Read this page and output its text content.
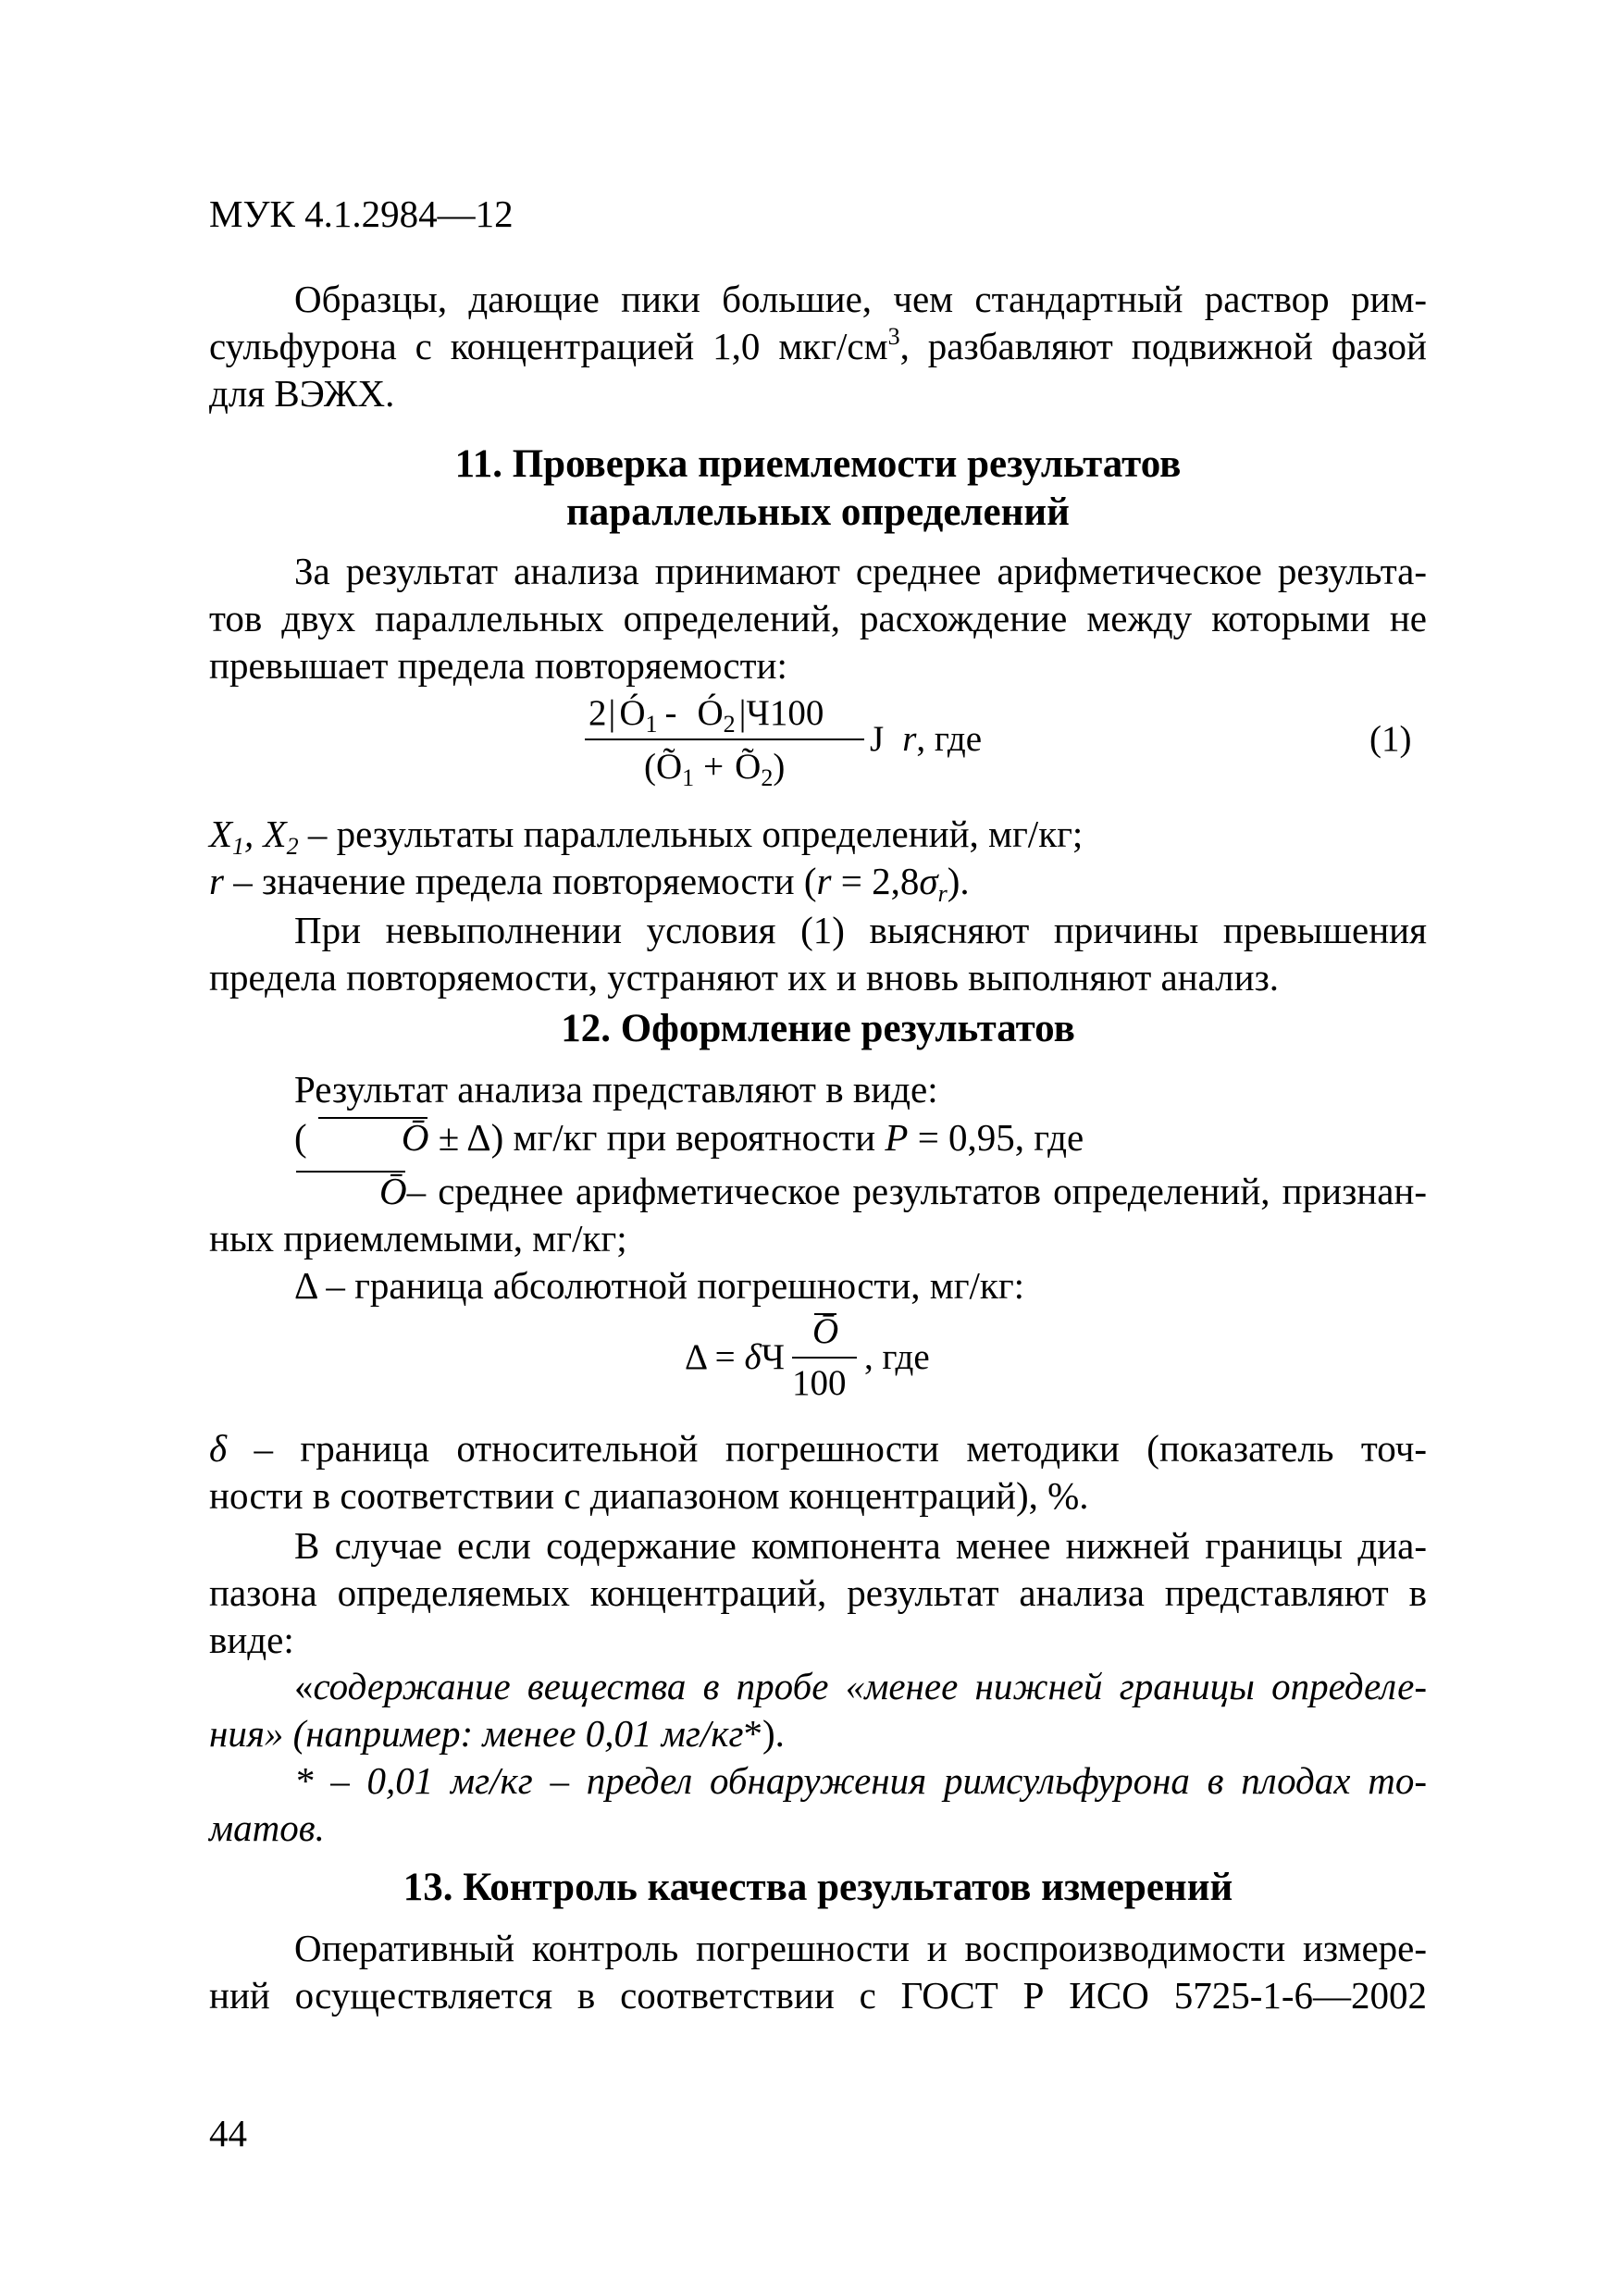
МУК 4.1.2984—12
Образцы, дающие пики большие, чем стандартный раствор рим-
сульфурона с концентрацией 1,0 мкг/$см^3$, разбавляют подвижной фазой
для ВЭЖХ.
11. Проверка приемлемости результатов
параллельных определений
За результат анализа принимают среднее арифметическое результа-
тов двух параллельных определений, расхождение между которыми не
превышает предела повторяемости:
2| $Ó_1$ - $Ó_2$ |Ч100
($Õ_1$ + $Õ_2$)
J r, где	(1)
$X_1$, $X_2$ – результаты параллельных определений, мг/кг;
r – значение предела повторяемости $(r = 2,8\sigma_r)$.
При невыполнении условия (1) выясняют причины превышения
предела повторяемости, устраняют их и вновь выполняют анализ.
12. Оформление результатов
Результат анализа представляют в виде:
( Ō ± Δ) мг/кг при вероятности P = 0,95, где
Ō– среднее арифметическое результатов определений, признан-
ных приемлемыми, мг/кг;
Δ – граница абсолютной погрешности, мг/кг:
Δ = δЧ
Ō
100
, где
δ – граница относительной погрешности методики (показатель точ-
ности в соответствии с диапазоном концентраций), %.
В случае если содержание компонента менее нижней границы диа-
пазона определяемых концентраций, результат анализа представляют в
виде:
«содержание вещества в пробе «менее нижней границы определе-
ния» (например: менее 0,01 мг/кг*).
* – 0,01 мг/кг – предел обнаружения римсульфурона в плодах то-
матов.
13. Контроль качества результатов измерений
Оперативный контроль погрешности и воспроизводимости измере-
ний осуществляется в соответствии с ГОСТ Р ИСО 5725-1-6—2002
44
